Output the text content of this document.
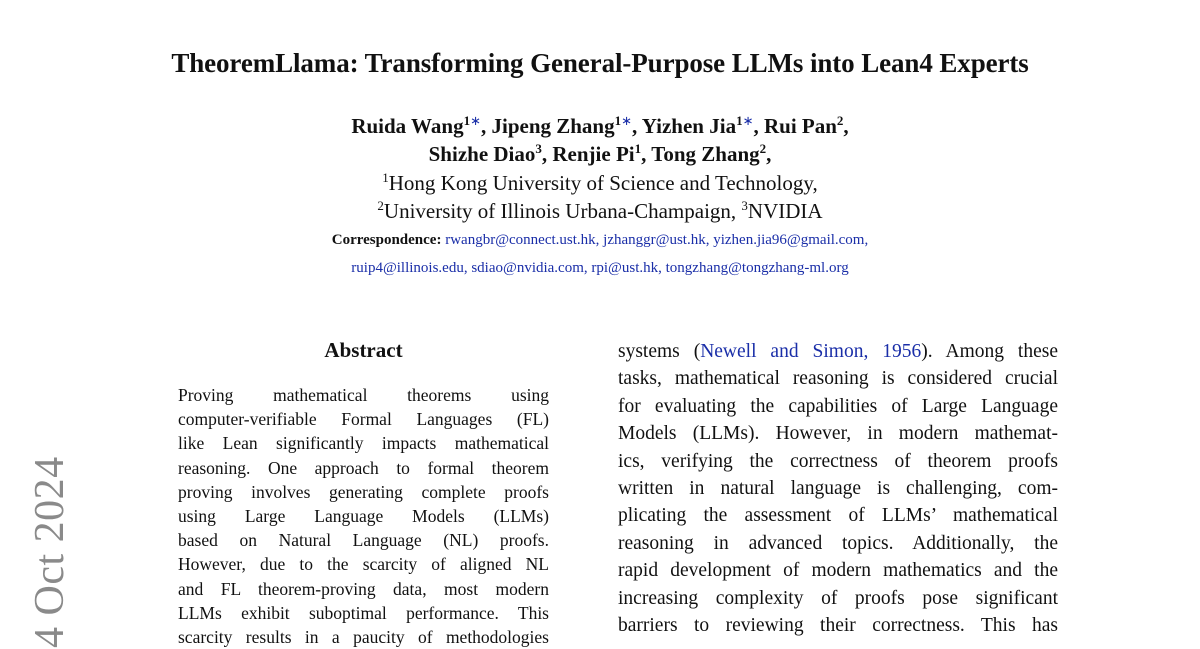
TheoremLlama: Transforming General-Purpose LLMs into Lean4 Experts
Ruida Wang$^{1∗}$, Jipeng Zhang$^{1∗}$, Yizhen Jia$^{1∗}$, Rui Pan$^2$,
Shizhe Diao$^3$, Renjie Pi$^1$, Tong Zhang$^2$,
$^1$Hong Kong University of Science and Technology,
$^2$University of Illinois Urbana-Champaign, $^3$NVIDIA
Correspondence: rwangbr@connect.ust.hk, jzhanggr@ust.hk, yizhen.jia96@gmail.com,
ruip4@illinois.edu, sdiao@nvidia.com, rpi@ust.hk, tongzhang@tongzhang-ml.org
Abstract
Proving mathematical theorems using
computer-verifiable Formal Languages (FL)
like Lean significantly impacts mathematical
reasoning. One approach to formal theorem
proving involves generating complete proofs
using Large Language Models (LLMs)
based on Natural Language (NL) proofs.
However, due to the scarcity of aligned NL
and FL theorem-proving data, most modern
LLMs exhibit suboptimal performance. This
scarcity results in a paucity of methodologies
systems (Newell and Simon, 1956). Among these
tasks, mathematical reasoning is considered crucial
for evaluating the capabilities of Large Language
Models (LLMs). However, in modern mathemat-
ics, verifying the correctness of theorem proofs
written in natural language is challenging, com-
plicating the assessment of LLMs’ mathematical
reasoning in advanced topics. Additionally, the
rapid development of modern mathematics and the
increasing complexity of proofs pose significant
barriers to reviewing their correctness. This has
4 Oct 2024
